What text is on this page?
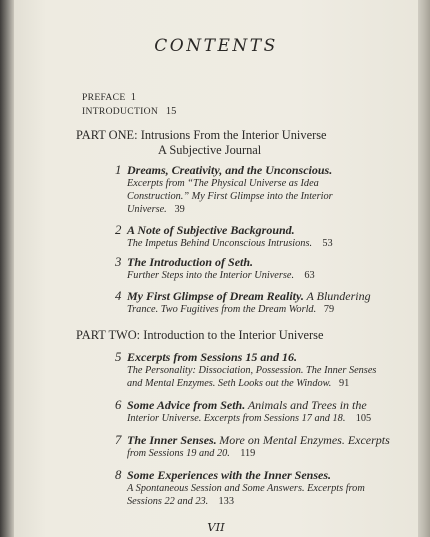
CONTENTS
PREFACE 1
INTRODUCTION 15
PART ONE: Intrusions From the Interior Universe
A Subjective Journal
1 Dreams, Creativity, and the Unconscious.
Excerpts from “The Physical Universe as Idea
Construction.” My First Glimpse into the Interior
Universe. 39
2 A Note of Subjective Background.
The Impetus Behind Unconscious Intrusions. 53
3 The Introduction of Seth.
Further Steps into the Interior Universe. 63
4 My First Glimpse of Dream Reality. A Blundering
Trance. Two Fugitives from the Dream World. 79
PART TWO: Introduction to the Interior Universe
5 Excerpts from Sessions 15 and 16.
The Personality: Dissociation, Possession. The Inner Senses
and Mental Enzymes. Seth Looks out the Window. 91
6 Some Advice from Seth. Animals and Trees in the
Interior Universe. Excerpts from Sessions 17 and 18. 105
7 The Inner Senses. More on Mental Enzymes. Excerpts
from Sessions 19 and 20. 119
8 Some Experiences with the Inner Senses.
A Spontaneous Session and Some Answers. Excerpts from
Sessions 22 and 23. 133
VII
